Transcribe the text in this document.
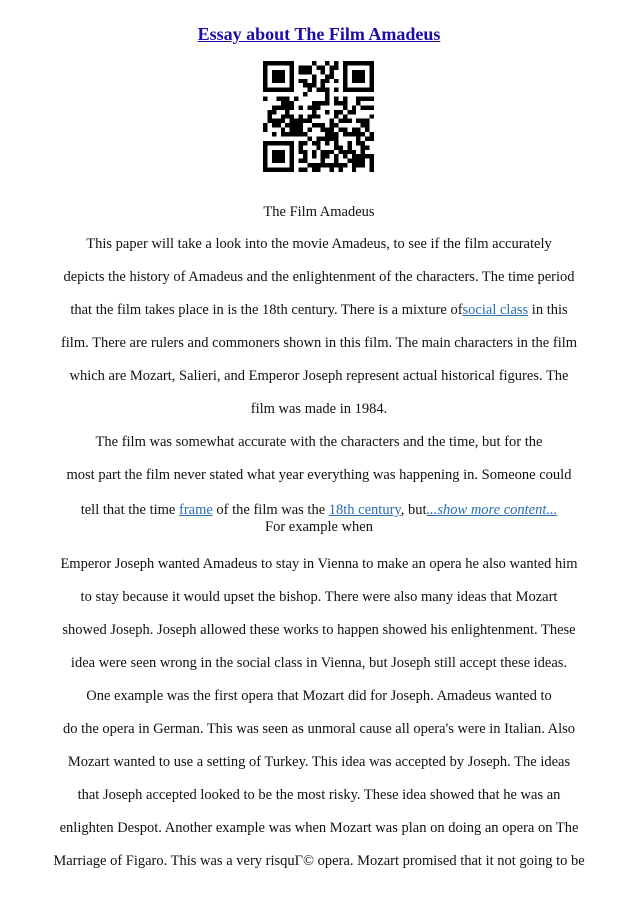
Essay about The Film Amadeus
The Film Amadeus
This paper will take a look into the movie Amadeus, to see if the film accurately
depicts the history of Amadeus and the enlightenment of the characters. The time period
that the film takes place in is the 18th century. There is a mixture ofsocial class in this
film. There are rulers and commoners shown in this film. The main characters in the film
which are Mozart, Salieri, and Emperor Joseph represent actual historical figures. The
film was made in 1984.
The film was somewhat accurate with the characters and the time, but for the
most part the film never stated what year everything was happening in. Someone could
tell that the time frame of the film was the 18th century, but...show more content...
For example when
Emperor Joseph wanted Amadeus to stay in Vienna to make an opera he also wanted him
to stay because it would upset the bishop. There were also many ideas that Mozart
showed Joseph. Joseph allowed these works to happen showed his enlightenment. These
idea were seen wrong in the social class in Vienna, but Joseph still accept these ideas.
One example was the first opera that Mozart did for Joseph. Amadeus wanted to
do the opera in German. This was seen as unmoral cause all opera's were in Italian. Also
Mozart wanted to use a setting of Turkey. This idea was accepted by Joseph. The ideas
that Joseph accepted looked to be the most risky. These idea showed that he was an
enlighten Despot. Another example was when Mozart was plan on doing an opera on The
Marriage of Figaro. This was a very risquГ© opera. Mozart promised that it not going to be
